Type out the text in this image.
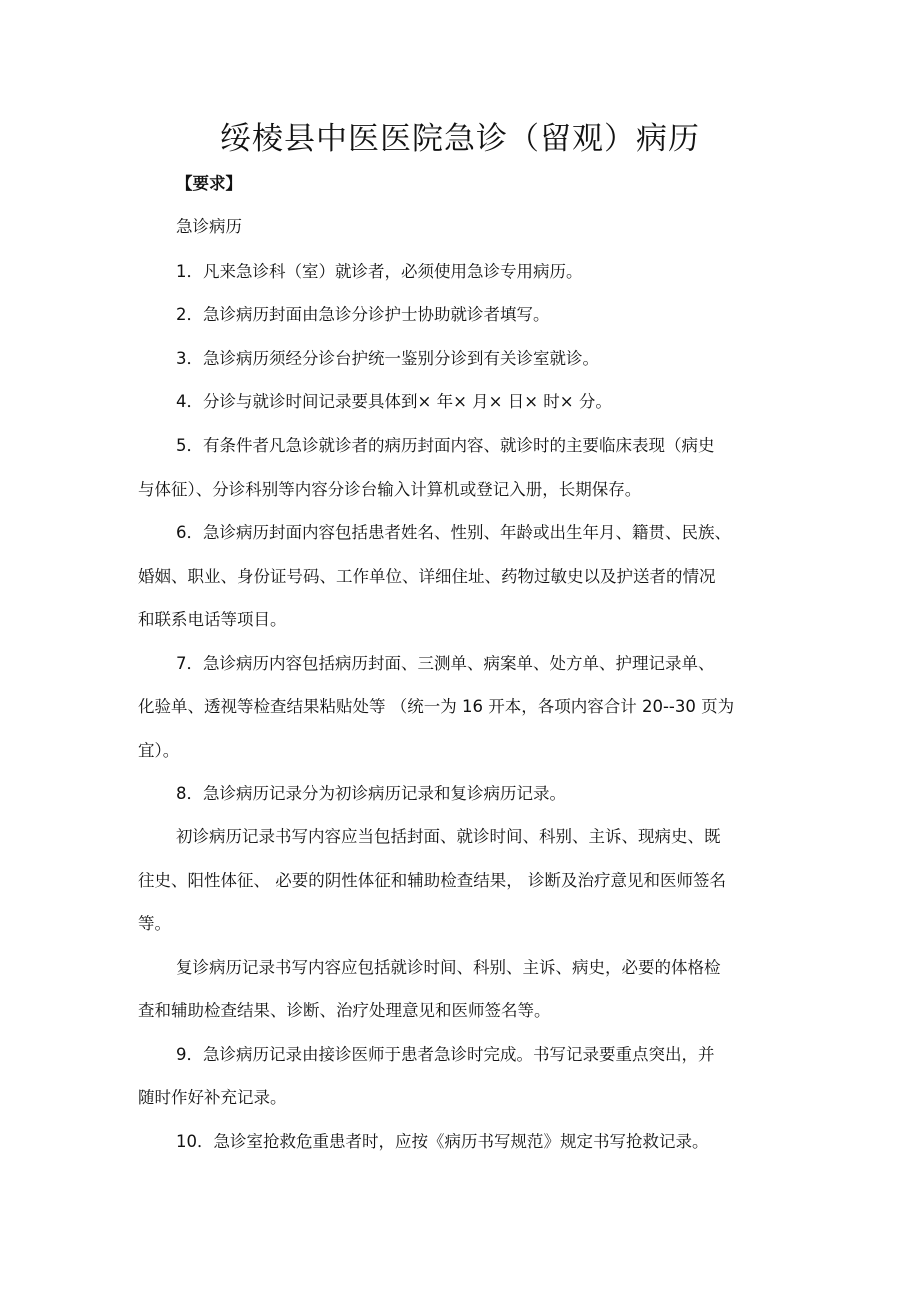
绥棱县中医医院急诊（留观）病历

【要求】

急诊病历

1．凡来急诊科（室）就诊者，必须使用急诊专用病历。

2．急诊病历封面由急诊分诊护士协助就诊者填写。

3．急诊病历须经分诊台护统一鉴别分诊到有关诊室就诊。

4．分诊与就诊时间记录要具体到× 年× 月× 日× 时× 分。

5．有条件者凡急诊就诊者的病历封面内容、就诊时的主要临床表现（病史

与体征）、分诊科别等内容分诊台输入计算机或登记入册，长期保存。

6．急诊病历封面内容包括患者姓名、性别、年龄或出生年月、籍贯、民族、

婚姻、职业、身份证号码、工作单位、详细住址、药物过敏史以及护送者的情况

和联系电话等项目。

7．急诊病历内容包括病历封面、三测单、病案单、处方单、护理记录单、

化验单、透视等检查结果粘贴处等 （统一为 16 开本，各项内容合计 20--30 页为

宜）。

8．急诊病历记录分为初诊病历记录和复诊病历记录。

初诊病历记录书写内容应当包括封面、就诊时间、科别、主诉、现病史、既

往史、阳性体征、 必要的阴性体征和辅助检查结果， 诊断及治疗意见和医师签名

等。

复诊病历记录书写内容应包括就诊时间、科别、主诉、病史，必要的体格检

查和辅助检查结果、诊断、治疗处理意见和医师签名等。

9．急诊病历记录由接诊医师于患者急诊时完成。书写记录要重点突出，并

随时作好补充记录。

10．急诊室抢救危重患者时，应按《病历书写规范》规定书写抢救记录。
